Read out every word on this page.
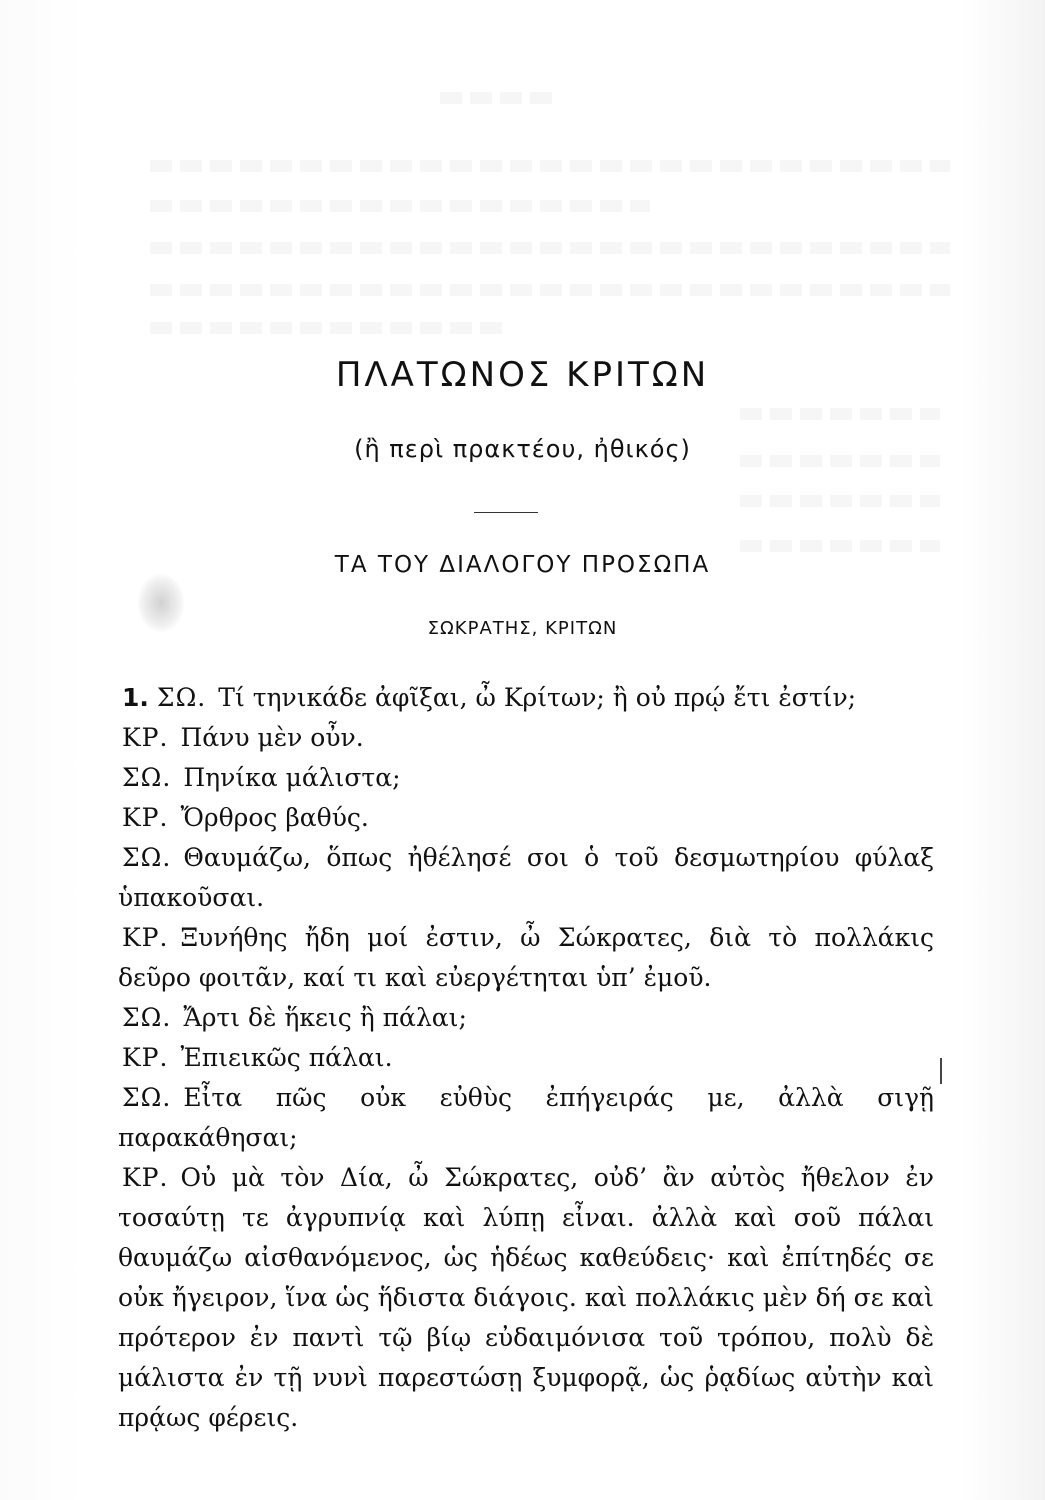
ΠΛΑΤΩΝΟΣ ΚΡΙΤΩΝ
(ἢ περὶ πρακτέου, ἠθικός)
ΤΑ ΤΟΥ ΔΙΑΛΟΓΟΥ ΠΡΟΣΩΠΑ
ΣΩΚΡΑΤΗΣ, ΚΡΙΤΩΝ

1. ΣΩ. Τί τηνικάδε ἀφῖξαι, ὦ Κρίτων; ἢ οὐ πρῴ ἔτι ἐστίν;

ΚΡ. Πάνυ μὲν οὖν.

ΣΩ. Πηνίκα μάλιστα;

ΚΡ. Ὄρθρος βαθύς.

ΣΩ. Θαυμάζω, ὅπως ἠθέλησέ σοι ὁ τοῦ δεσμωτηρίου φύλαξ ὑπακοῦσαι.

ΚΡ. Ξυνήθης ἤδη μοί ἐστιν, ὦ Σώκρατες, διὰ τὸ πολλάκις δεῦρο φοιτᾶν, καί τι καὶ εὐεργέτηται ὑπ’ ἐμοῦ.

ΣΩ. Ἄρτι δὲ ἥκεις ἢ πάλαι;

ΚΡ. Ἐπιεικῶς πάλαι.

ΣΩ. Εἶτα πῶς οὐκ εὐθὺς ἐπήγειράς με, ἀλλὰ σιγῇ παρακάθησαι;

ΚΡ. Οὐ μὰ τὸν Δία, ὦ Σώκρατες, οὐδ’ ἂν αὐτὸς ἤθελον ἐν τοσαύτῃ τε ἀγρυπνίᾳ καὶ λύπῃ εἶναι. ἀλλὰ καὶ σοῦ πάλαι θαυμάζω αἰσθανόμενος, ὡς ἡδέως καθεύδεις· καὶ ἐπίτηδές σε οὐκ ἤγειρον, ἵνα ὡς ἥδιστα διάγοις. καὶ πολλάκις μὲν δή σε καὶ πρότερον ἐν παντὶ τῷ βίῳ εὐδαιμόνισα τοῦ τρόπου, πολὺ δὲ μάλιστα ἐν τῇ νυνὶ παρεστώσῃ ξυμφορᾷ, ὡς ῥᾳδίως αὐτὴν καὶ πρᾴως φέρεις.
